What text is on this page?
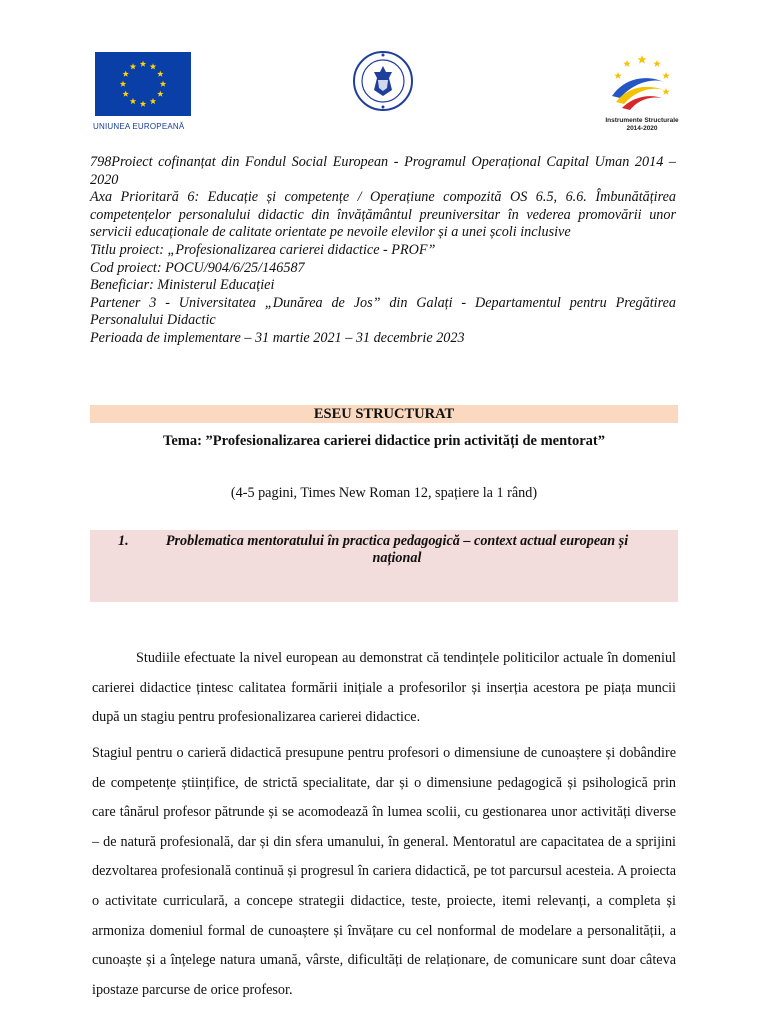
UNIUNEA EUROPEANĂ
Instrumente Structurale
2014-2020

798Proiect cofinanțat din Fondul Social European - Programul Operațional Capital Uman 2014 – 2020

Axa Prioritară 6: Educație și competențe / Operațiune compozită OS 6.5, 6.6. Îmbunătățirea competențelor personalului didactic din învățământul preuniversitar în vederea promovării unor servicii educaționale de calitate orientate pe nevoile elevilor și a unei școli inclusive

Titlu proiect: „Profesionalizarea carierei didactice - PROF”

Cod proiect: POCU/904/6/25/146587

Beneficiar: Ministerul Educației

Partener 3 - Universitatea „Dunărea de Jos” din Galați - Departamentul pentru Pregătirea Personalului Didactic

Perioada de implementare – 31 martie 2021 – 31 decembrie 2023

ESEU STRUCTURAT
Tema: ”Profesionalizarea carierei didactice prin activități de mentorat”
(4-5 pagini, Times New Roman 12, spațiere la 1 rând)
1.	Problematica mentoratului în practica pedagogică – context actual european și național

Studiile efectuate la nivel european au demonstrat că tendințele politicilor actuale în domeniul carierei didactice țintesc calitatea formării inițiale a profesorilor și inserția acestora pe piața muncii după un stagiu pentru profesionalizarea carierei didactice.

Stagiul pentru o carieră didactică presupune pentru profesori o dimensiune de cunoaștere și dobândire de competențe științifice, de strictă specialitate, dar și o dimensiune pedagogică și psihologică prin care tânărul profesor pătrunde și se acomodează în lumea scolii, cu gestionarea unor activități diverse – de natură profesională, dar și din sfera umanului, în general. Mentoratul are capacitatea de a sprijini dezvoltarea profesională continuă și progresul în cariera didactică, pe tot parcursul acesteia. A proiecta o activitate curriculară, a concepe strategii didactice, teste, proiecte, itemi relevanți, a completa și armoniza domeniul formal de cunoaștere și învățare cu cel nonformal de modelare a personalității, a cunoaște și a înțelege natura umană, vârste, dificultăți de relaționare, de comunicare sunt doar câteva ipostaze parcurse de orice profesor.
